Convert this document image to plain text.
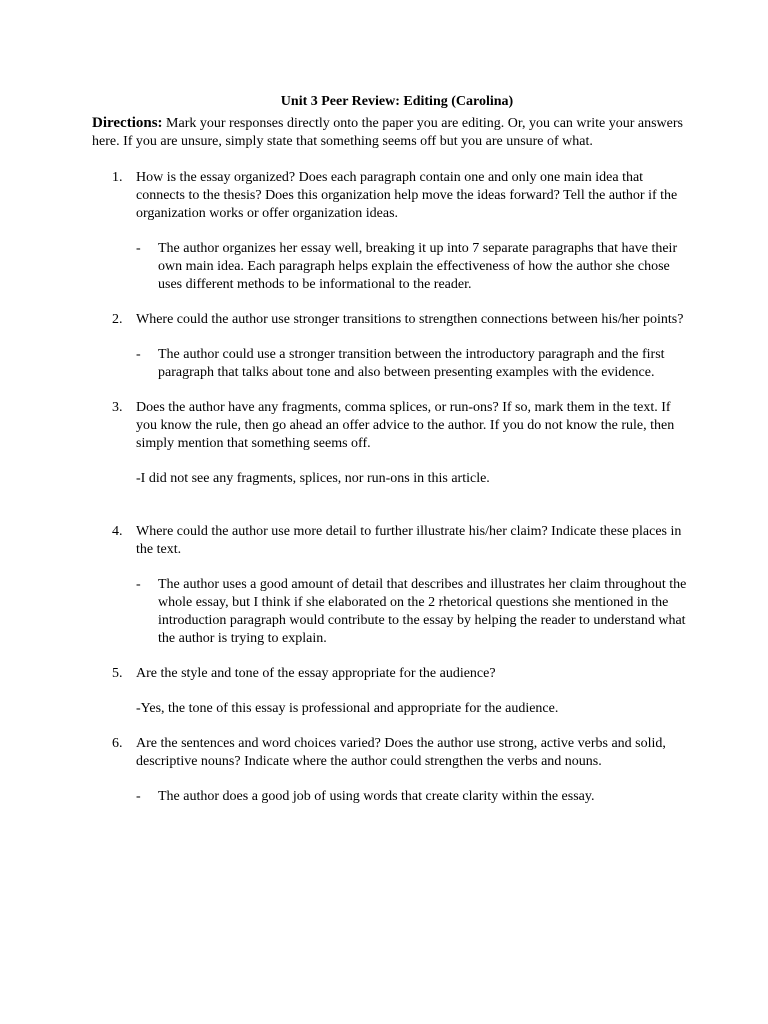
Unit 3 Peer Review: Editing (Carolina)

Directions: Mark your responses directly onto the paper you are editing. Or, you can write your answers here. If you are unsure, simply state that something seems off but you are unsure of what.

1. How is the essay organized? Does each paragraph contain one and only one main idea that connects to the thesis? Does this organization help move the ideas forward? Tell the author if the organization works or offer organization ideas.

- The author organizes her essay well, breaking it up into 7 separate paragraphs that have their own main idea. Each paragraph helps explain the effectiveness of how the author she chose uses different methods to be informational to the reader.

2. Where could the author use stronger transitions to strengthen connections between his/her points?

- The author could use a stronger transition between the introductory paragraph and the first paragraph that talks about tone and also between presenting examples with the evidence.

3. Does the author have any fragments, comma splices, or run-ons? If so, mark them in the text. If you know the rule, then go ahead an offer advice to the author. If you do not know the rule, then simply mention that something seems off.

-I did not see any fragments, splices, nor run-ons in this article.

4. Where could the author use more detail to further illustrate his/her claim? Indicate these places in the text.

- The author uses a good amount of detail that describes and illustrates her claim throughout the whole essay, but I think if she elaborated on the 2 rhetorical questions she mentioned in the introduction paragraph would contribute to the essay by helping the reader to understand what the author is trying to explain.

5. Are the style and tone of the essay appropriate for the audience?

-Yes, the tone of this essay is professional and appropriate for the audience.

6. Are the sentences and word choices varied? Does the author use strong, active verbs and solid, descriptive nouns? Indicate where the author could strengthen the verbs and nouns.

- The author does a good job of using words that create clarity within the essay.
